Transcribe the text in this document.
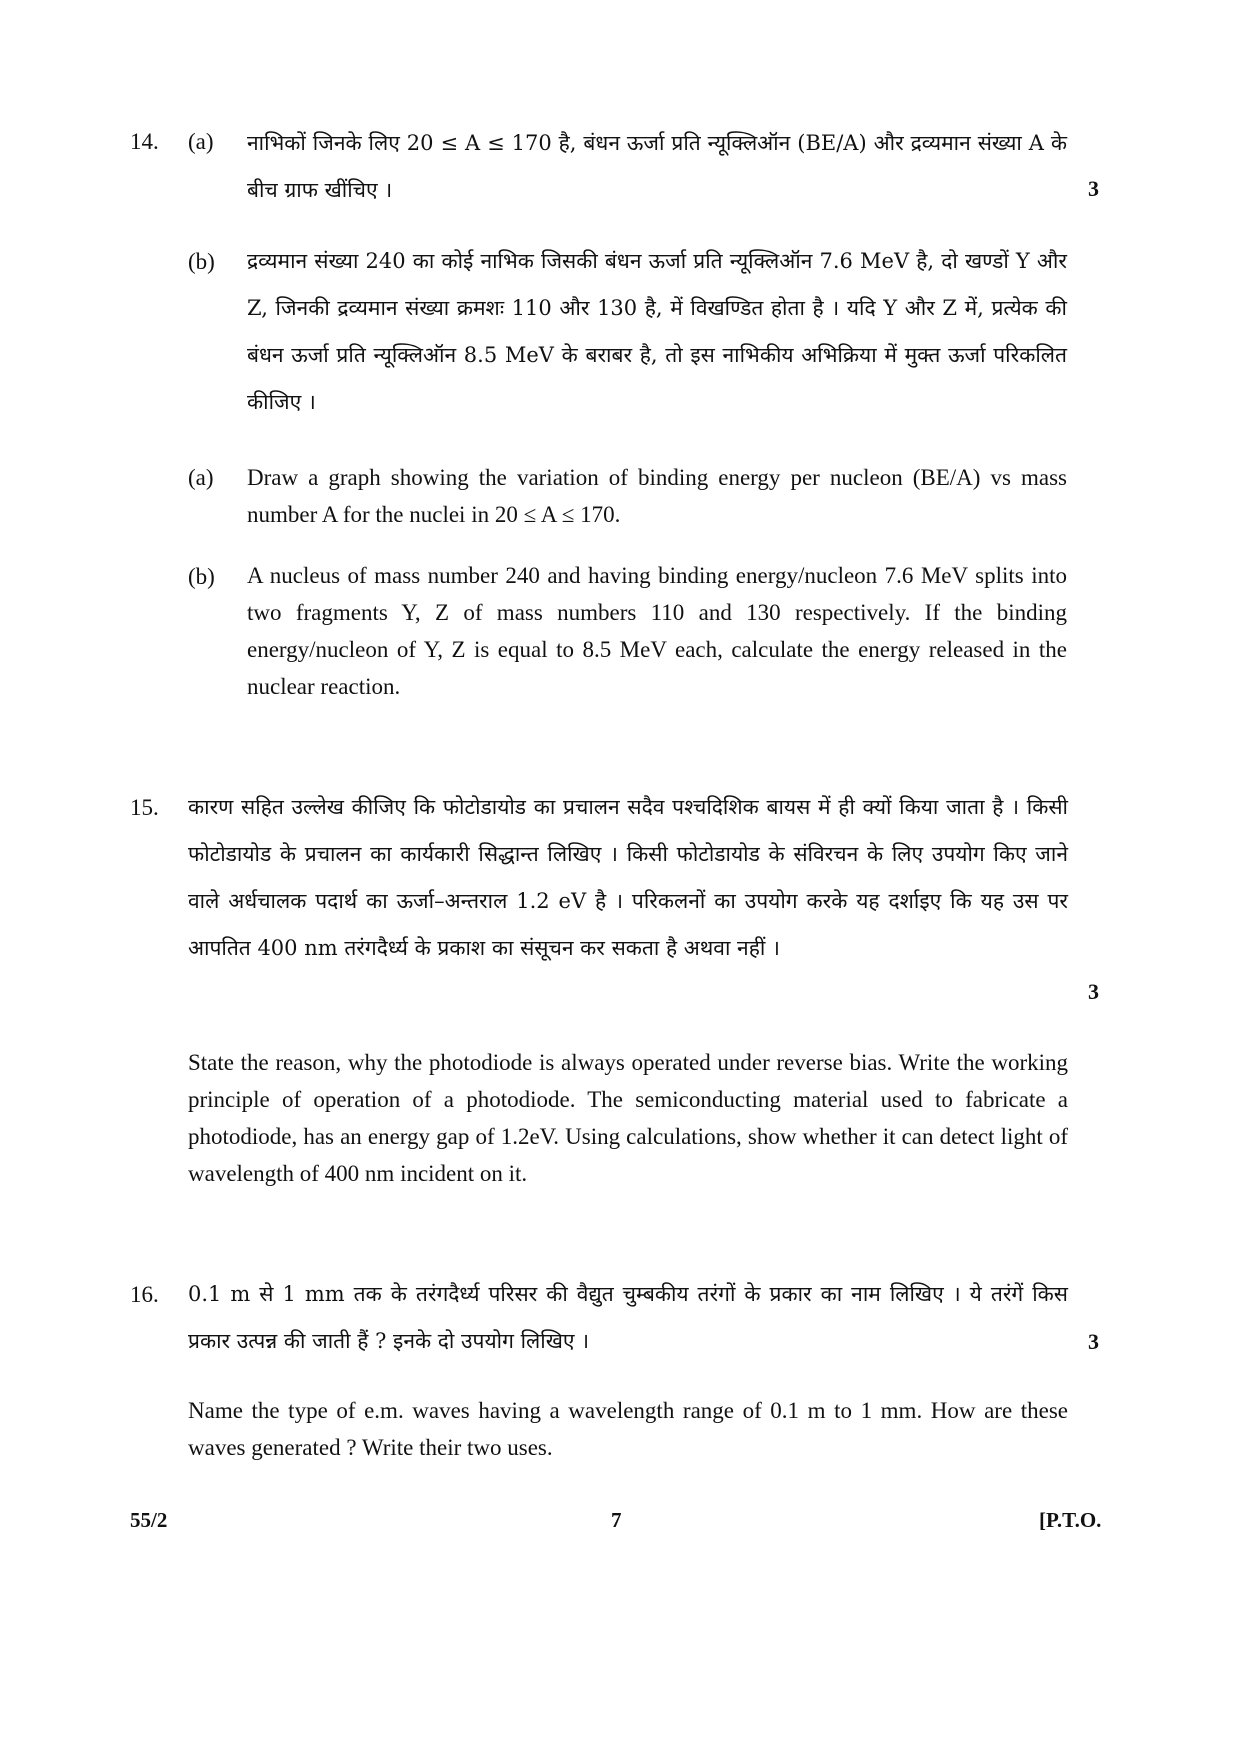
14. (a) नाभिकों जिनके लिए 20 ≤ A ≤ 170 है, बंधन ऊर्जा प्रति न्यूक्लिऑन (BE/A) और द्रव्यमान संख्या A के बीच ग्राफ खींचिए ।	3
(b) द्रव्यमान संख्या 240 का कोई नाभिक जिसकी बंधन ऊर्जा प्रति न्यूक्लिऑन 7.6 MeV है, दो खण्डों Y और Z, जिनकी द्रव्यमान संख्या क्रमशः 110 और 130 है, में विखण्डित होता है । यदि Y और Z में, प्रत्येक की बंधन ऊर्जा प्रति न्यूक्लिऑन 8.5 MeV के बराबर है, तो इस नाभिकीय अभिक्रिया में मुक्त ऊर्जा परिकलित कीजिए ।

(a) Draw a graph showing the variation of binding energy per nucleon (BE/A) vs mass number A for the nuclei in 20 ≤ A ≤ 170.

(b) A nucleus of mass number 240 and having binding energy/nucleon 7.6 MeV splits into two fragments Y, Z of mass numbers 110 and 130 respectively. If the binding energy/nucleon of Y, Z is equal to 8.5 MeV each, calculate the energy released in the nuclear reaction.

15. कारण सहित उल्लेख कीजिए कि फोटोडायोड का प्रचालन सदैव पश्चदिशिक बायस में ही क्यों किया जाता है । किसी फोटोडायोड के प्रचालन का कार्यकारी सिद्धान्त लिखिए । किसी फोटोडायोड के संविरचन के लिए उपयोग किए जाने वाले अर्धचालक पदार्थ का ऊर्जा–अन्तराल 1.2 eV है । परिकलनों का उपयोग करके यह दर्शाइए कि यह उस पर आपतित 400 nm तरंगदैर्ध्य के प्रकाश का संसूचन कर सकता है अथवा नहीं ।

3

State the reason, why the photodiode is always operated under reverse bias. Write the working principle of operation of a photodiode. The semiconducting material used to fabricate a photodiode, has an energy gap of 1.2eV. Using calculations, show whether it can detect light of wavelength of 400 nm incident on it.

16. 0.1 m से 1 mm तक के तरंगदैर्ध्य परिसर की वैद्युत चुम्बकीय तरंगों के प्रकार का नाम लिखिए । ये तरंगें किस प्रकार उत्पन्न की जाती हैं ? इनके दो उपयोग लिखिए ।	3

Name the type of e.m. waves having a wavelength range of 0.1 m to 1 mm. How are these waves generated ? Write their two uses.

55/2	7	[P.T.O.
